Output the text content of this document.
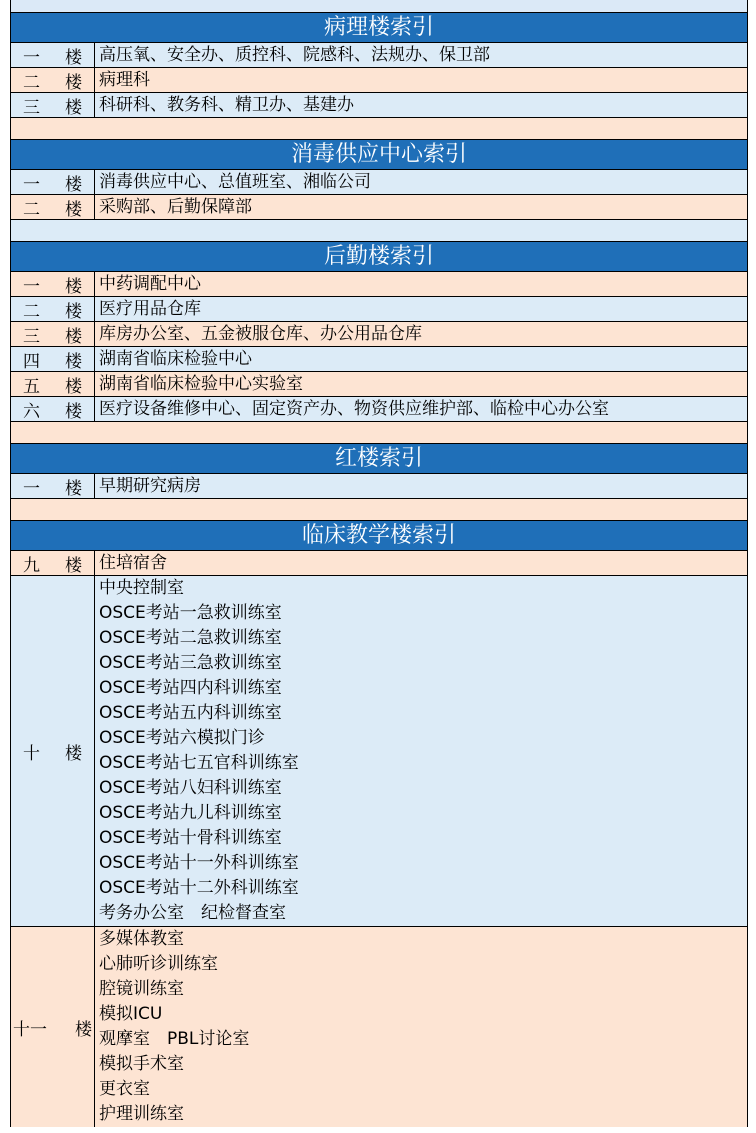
病理楼索引
一 楼 高压氧、安全办、质控科、院感科、法规办、保卫部
二 楼 病理科
三 楼 科研科、教务科、精卫办、基建办
消毒供应中心索引
一 楼 消毒供应中心、总值班室、湘临公司
二 楼 采购部、后勤保障部
后勤楼索引
一 楼 中药调配中心
二 楼 医疗用品仓库
三 楼 库房办公室、五金被服仓库、办公用品仓库
四 楼 湖南省临床检验中心
五 楼 湖南省临床检验中心实验室
六 楼 医疗设备维修中心、固定资产办、物资供应维护部、临检中心办公室
红楼索引
一 楼 早期研究病房
临床教学楼索引
九 楼 住培宿舍
十 楼
中央控制室
OSCE考站一急救训练室
OSCE考站二急救训练室
OSCE考站三急救训练室
OSCE考站四内科训练室
OSCE考站五内科训练室
OSCE考站六模拟门诊
OSCE考站七五官科训练室
OSCE考站八妇科训练室
OSCE考站九儿科训练室
OSCE考站十骨科训练室
OSCE考站十一外科训练室
OSCE考站十二外科训练室
考务办公室　纪检督查室
十一 楼
多媒体教室
心肺听诊训练室
腔镜训练室
模拟ICU
观摩室　PBL讨论室
模拟手术室
更衣室
护理训练室
